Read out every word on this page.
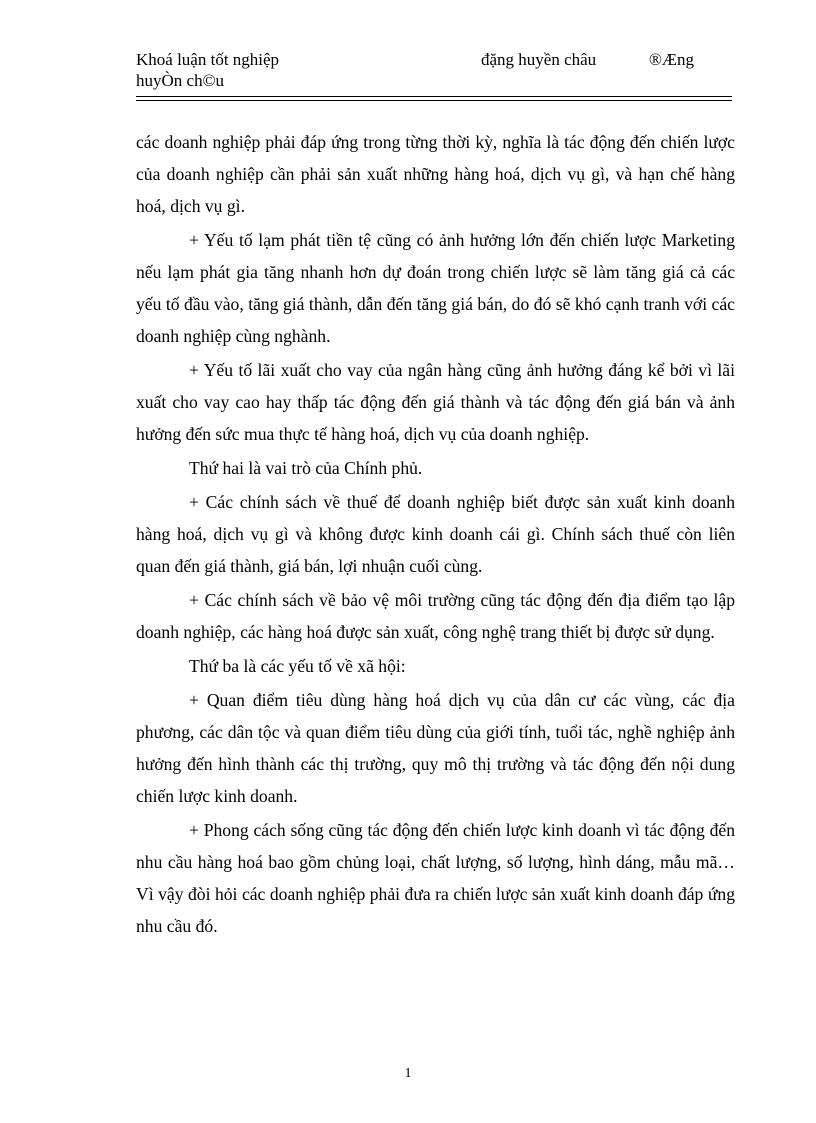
Khoá luận tốt nghiệp	đặng huyền châu	®Æng
huyÒn ch©u

các doanh nghiệp phải đáp ứng trong từng thời kỳ, nghĩa là tác động đến chiến lược của doanh nghiệp cần phải sản xuất những hàng hoá, dịch vụ gì, và hạn chế hàng hoá, dịch vụ gì.

+ Yếu tố lạm phát tiền tệ cũng có ảnh hưởng lớn đến chiến lược Marketing nếu lạm phát gia tăng nhanh hơn dự đoán trong chiến lược sẽ làm tăng giá cả các yếu tố đầu vào, tăng giá thành, dẫn đến tăng giá bán, do đó sẽ khó cạnh tranh với các doanh nghiệp cùng nghành.

+ Yếu tố lãi xuất cho vay của ngân hàng cũng ảnh hưởng đáng kể bởi vì lãi xuất cho vay cao hay thấp tác động đến giá thành và tác động đến giá bán và ảnh hưởng đến sức mua thực tế hàng hoá, dịch vụ của doanh nghiệp.

Thứ hai là vai trò của Chính phủ.

+ Các chính sách về thuế để doanh nghiệp biết được sản xuất kinh doanh hàng hoá, dịch vụ gì và không được kinh doanh cái gì. Chính sách thuế còn liên quan đến giá thành, giá bán, lợi nhuận cuối cùng.

+ Các chính sách về bảo vệ môi trường cũng tác động đến địa điểm tạo lập doanh nghiệp, các hàng hoá được sản xuất, công nghệ trang thiết bị được sử dụng.

Thứ ba là các yếu tố về xã hội:

+ Quan điểm tiêu dùng hàng hoá dịch vụ của dân cư các vùng, các địa phương, các dân tộc và quan điểm tiêu dùng của giới tính, tuổi tác, nghề nghiệp ảnh hưởng đến hình thành các thị trường, quy mô thị trường và tác động đến nội dung chiến lược kinh doanh.

+ Phong cách sống cũng tác động đến chiến lược kinh doanh vì tác động đến nhu cầu hàng hoá bao gồm chủng loại, chất lượng, số lượng, hình dáng, mẫu mã… Vì vậy đòi hỏi các doanh nghiệp phải đưa ra chiến lược sản xuất kinh doanh đáp ứng nhu cầu đó.

1
